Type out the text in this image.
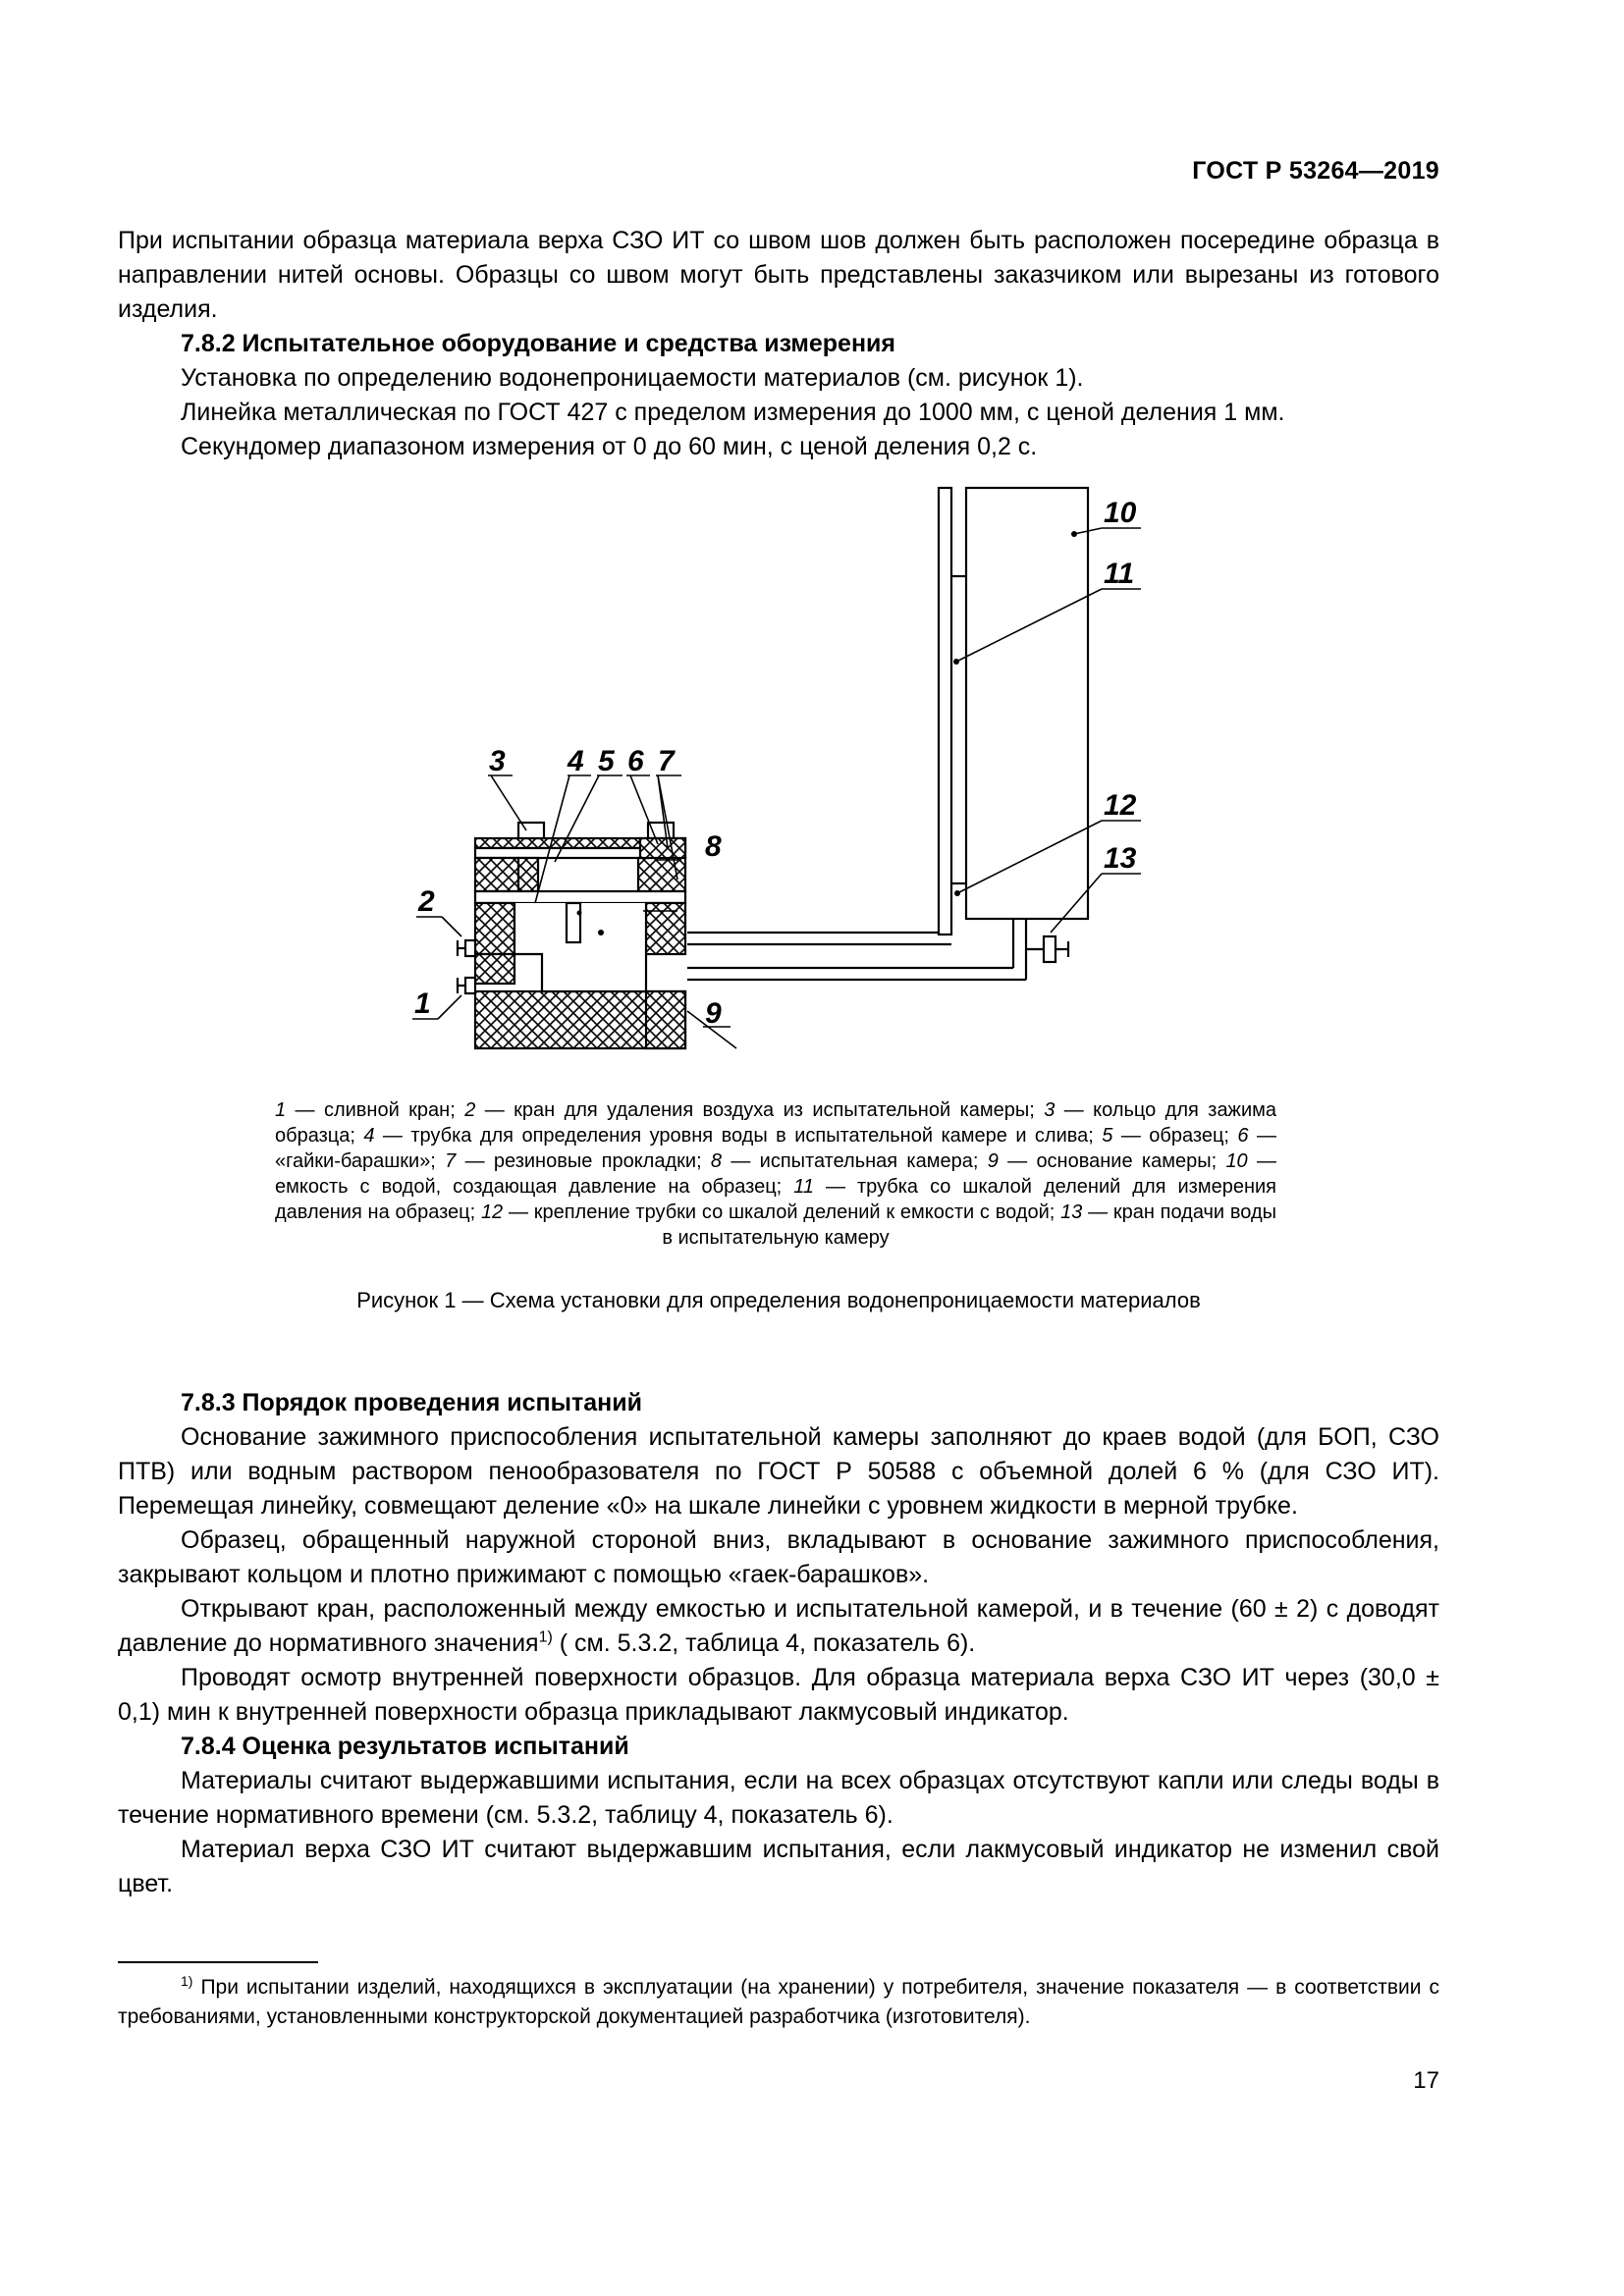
ГОСТ Р 53264—2019

При испытании образца материала верха СЗО ИТ со швом шов должен быть расположен посередине образца в направлении нитей основы. Образцы со швом могут быть представлены заказчиком или вырезаны из готового изделия.

7.8.2 Испытательное оборудование и средства измерения

Установка по определению водонепроницаемости материалов (см. рисунок 1).

Линейка металлическая по ГОСТ 427 с пределом измерения до 1000 мм, с ценой деления 1 мм.

Секундомер диапазоном измерения от 0 до 60 мин, с ценой деления 0,2 с.

3 4 5 6 7
8
2
1	9
10
11
12
13
1 — сливной кран; 2 — кран для удаления воздуха из испытательной камеры; 3 — кольцо для зажима образца; 4 — трубка для определения уровня воды в испытательной камере и слива; 5 — образец; 6 — «гайки-барашки»; 7 — резиновые прокладки; 8 — испытательная камера; 9 — основание камеры; 10 — емкость с водой, создающая давление на образец; 11 — трубка со шкалой делений для измерения давления на образец; 12 — крепление трубки со шкалой делений к емкости с водой; 13 — кран подачи воды в испытательную камеру
Рисунок 1 — Схема установки для определения водонепроницаемости материалов

7.8.3 Порядок проведения испытаний

Основание зажимного приспособления испытательной камеры заполняют до краев водой (для БОП, СЗО ПТВ) или водным раствором пенообразователя по ГОСТ Р 50588 с объемной долей 6 % (для СЗО ИТ). Перемещая линейку, совмещают деление «0» на шкале линейки с уровнем жидкости в мерной трубке.

Образец, обращенный наружной стороной вниз, вкладывают в основание зажимного приспособления, закрывают кольцом и плотно прижимают с помощью «гаек-барашков».

Открывают кран, расположенный между емкостью и испытательной камерой, и в течение (60 ± 2) с доводят давление до нормативного значения$^{1)}$ ( см. 5.3.2, таблица 4, показатель 6).

Проводят осмотр внутренней поверхности образцов. Для образца материала верха СЗО ИТ через (30,0 ± 0,1) мин к внутренней поверхности образца прикладывают лакмусовый индикатор.

7.8.4 Оценка результатов испытаний

Материалы считают выдержавшими испытания, если на всех образцах отсутствуют капли или следы воды в течение нормативного времени (см. 5.3.2, таблицу 4, показатель 6).

Материал верха СЗО ИТ считают выдержавшим испытания, если лакмусовый индикатор не изменил свой цвет.

$^{1)}$ При испытании изделий, находящихся в эксплуатации (на хранении) у потребителя, значение показателя — в соответствии с требованиями, установленными конструкторской документацией разработчика (изготовителя).
17
